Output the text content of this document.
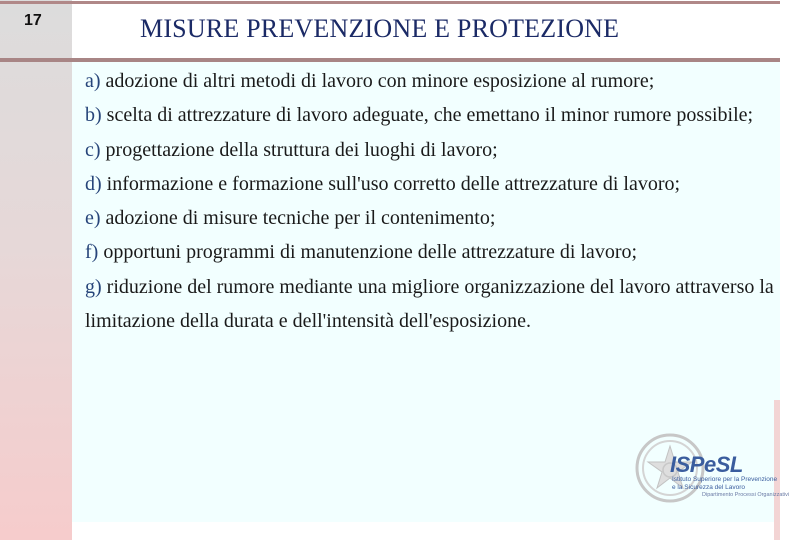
17	MISURE PREVENZIONE E PROTEZIONE

a) adozione di altri metodi di lavoro con minore esposizione al rumore;

b) scelta di attrezzature di lavoro adeguate, che emettano il minor rumore possibile;

c) progettazione della struttura dei luoghi di lavoro;

d) informazione e formazione sull'uso corretto delle attrezzature di lavoro;

e) adozione di misure tecniche per il contenimento;

f) opportuni programmi di manutenzione delle attrezzature di lavoro;

g) riduzione del rumore mediante una migliore organizzazione del lavoro attraverso la limitazione della durata e dell'intensità dell'esposizione.

ISPeSL
Istituto Superiore per la Prevenzione
e la Sicurezza del Lavoro
Dipartimento Processi Organizzativi
